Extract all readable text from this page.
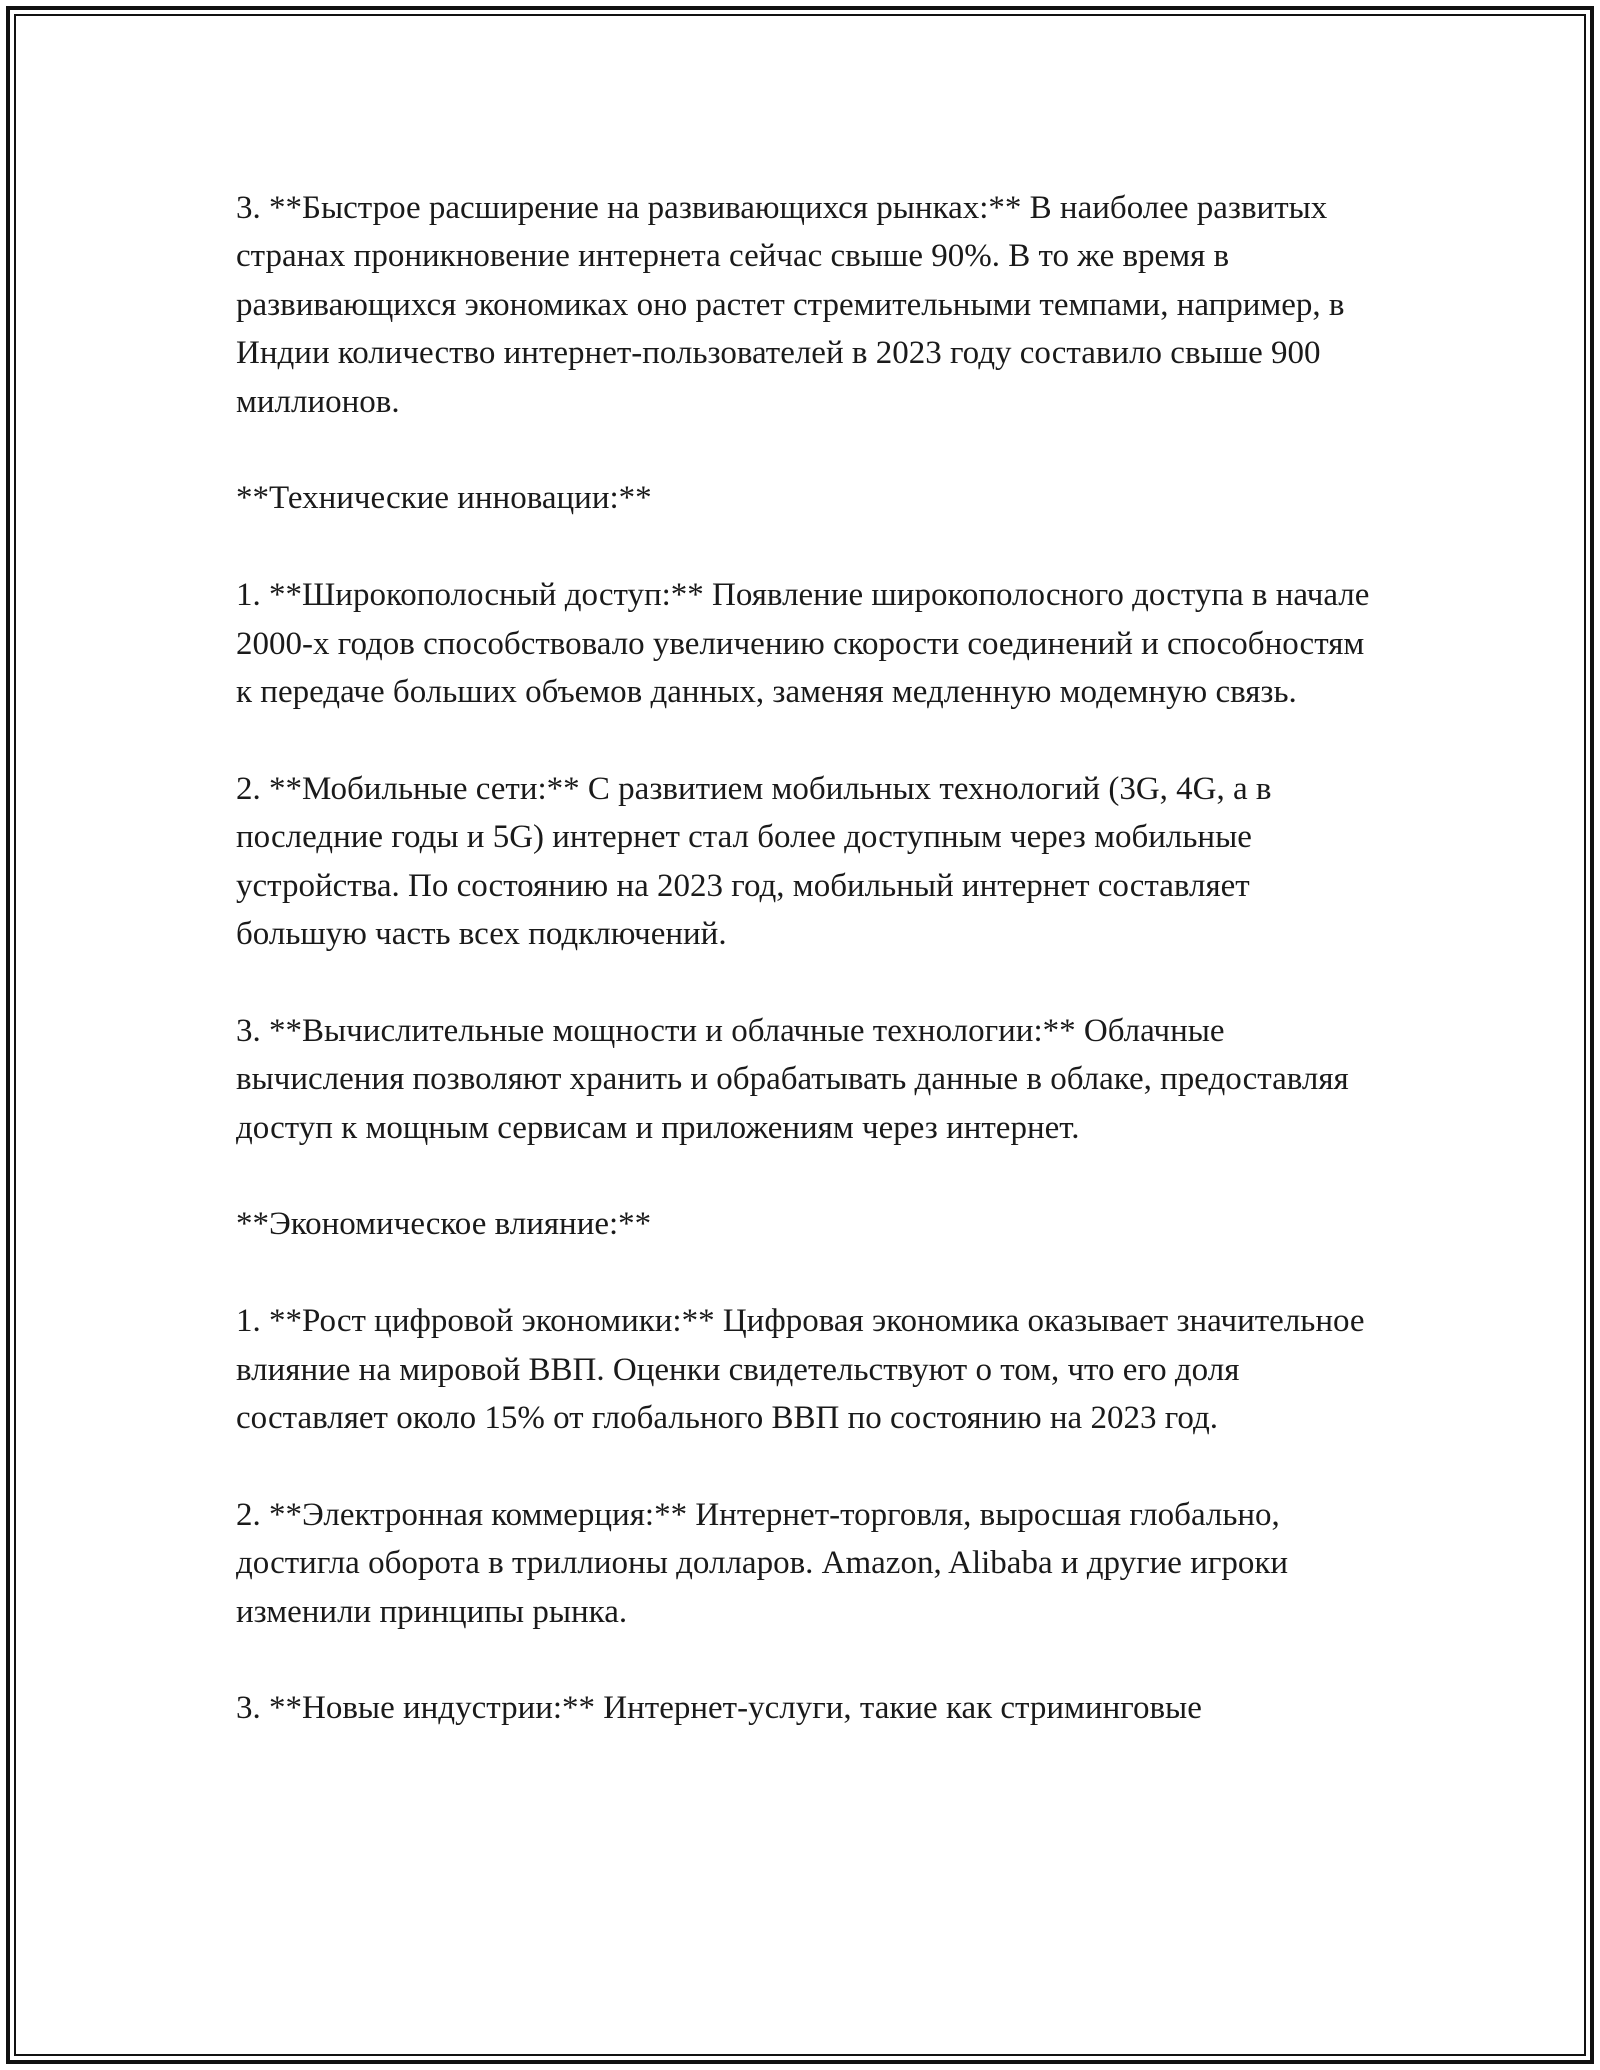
3. **Быстрое расширение на развивающихся рынках:** В наиболее развитых странах проникновение интернета сейчас свыше 90%. В то же время в развивающихся экономиках оно растет стремительными темпами, например, в Индии количество интернет-пользователей в 2023 году составило свыше 900 миллионов.

**Технические инновации:**

1. **Широкополосный доступ:** Появление широкополосного доступа в начале 2000-х годов способствовало увеличению скорости соединений и способностям к передаче больших объемов данных, заменяя медленную модемную связь.

2. **Мобильные сети:** С развитием мобильных технологий (3G, 4G, а в последние годы и 5G) интернет стал более доступным через мобильные устройства. По состоянию на 2023 год, мобильный интернет составляет большую часть всех подключений.

3. **Вычислительные мощности и облачные технологии:** Облачные вычисления позволяют хранить и обрабатывать данные в облаке, предоставляя доступ к мощным сервисам и приложениям через интернет.

**Экономическое влияние:**

1. **Рост цифровой экономики:** Цифровая экономика оказывает значительное влияние на мировой ВВП. Оценки свидетельствуют о том, что его доля составляет около 15% от глобального ВВП по состоянию на 2023 год.

2. **Электронная коммерция:** Интернет-торговля, выросшая глобально, достигла оборота в триллионы долларов. Amazon, Alibaba и другие игроки изменили принципы рынка.

3. **Новые индустрии:** Интернет-услуги, такие как стриминговые
